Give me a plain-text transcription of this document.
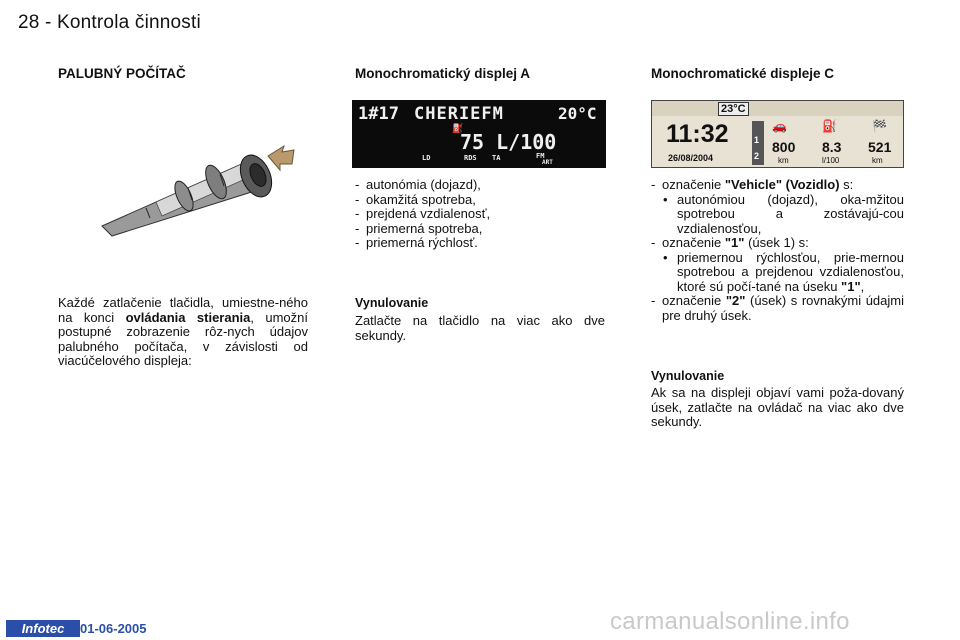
28 - Kontrola činnosti
PALUBNÝ POČÍTAČ
Každé zatlačenie tlačidla, umiestne-ného na konci ovládania stierania, umožní postupné zobrazenie rôz-nych údajov palubného počítača, v závislosti od viacúčelového displeja:
Monochromatický displej A
1#17 CHERIEFM	20°C
⛽
75 L/100
LD	RDS TA	FM
ART
- autonómia (dojazd),
- okamžitá spotreba,
- prejdená vzdialenosť,
- priemerná spotreba,
- priemerná rýchlosť.
Vynulovanie
Zatlačte na tlačidlo na viac ako dve sekundy.
Monochromatické displeje C
23°C
11:32
26/08/2004
1
2
🚗	⛽	🏁
800 8.3 521
km	l/100	km
- označenie "Vehicle" (Vozidlo) s:
• autonómiou (dojazd), oka-mžitou spotrebou a zostávajú-cou vzdialenosťou,
- označenie "1" (úsek 1) s:
• priemernou rýchlosťou, prie-mernou spotrebou a prejdenou vzdialenosťou, ktoré sú počí-tané na úseku "1",
- označenie "2" (úsek) s rovnakými údajmi pre druhý úsek.
Vynulovanie
Ak sa na displeji objaví vami poža-dovaný úsek, zatlačte na ovládač na viac ako dve sekundy.
Infotec	01-06-2005	carmanualsonline.info
